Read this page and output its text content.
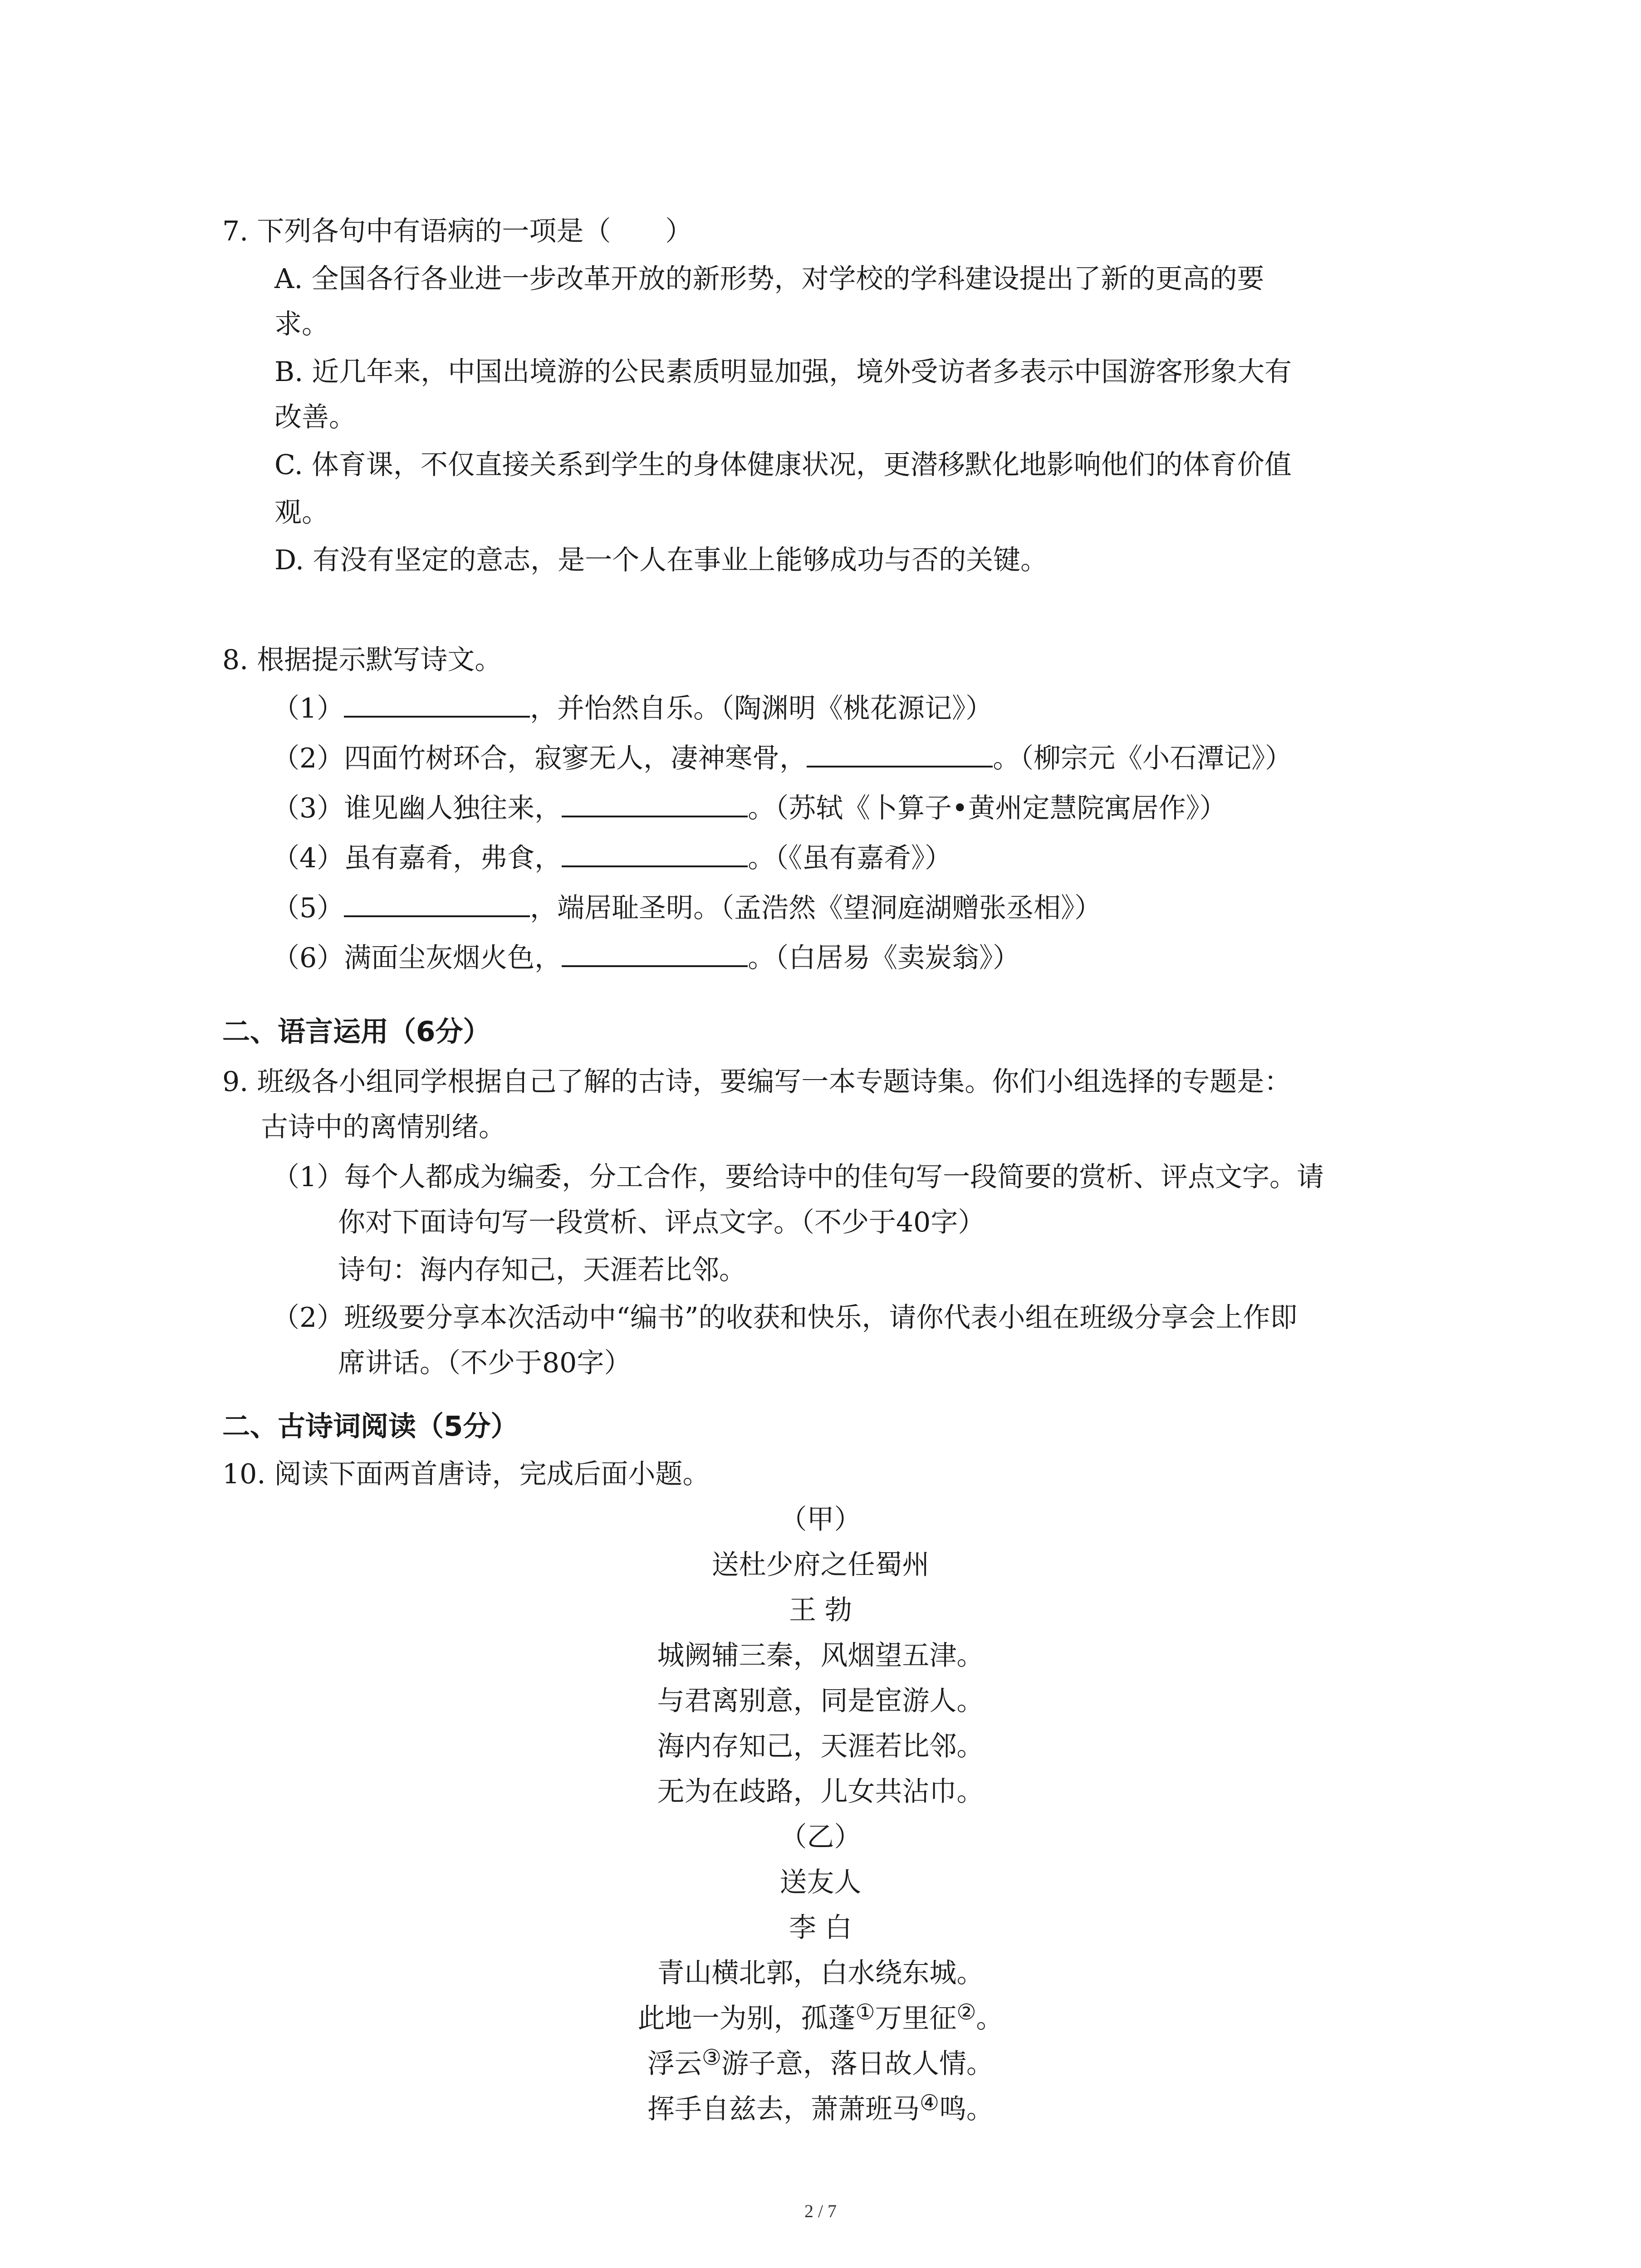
7. 下列各句中有语病的一项是（　　）
A. 全国各行各业进一步改革开放的新形势，对学校的学科建设提出了新的更高的要
求。
B. 近几年来，中国出境游的公民素质明显加强，境外受访者多表示中国游客形象大有
改善。
C. 体育课，不仅直接关系到学生的身体健康状况，更潜移默化地影响他们的体育价值
观。
D. 有没有坚定的意志，是一个人在事业上能够成功与否的关键。
8. 根据提示默写诗文。
（1）	，并怡然自乐。（陶渊明《桃花源记》）
（2）四面竹树环合，寂寥无人，凄神寒骨，	。（柳宗元《小石潭记》）
（3）谁见幽人独往来，	。（苏轼《卜算子•黄州定慧院寓居作》）
（4）虽有嘉肴，弗食，	。（《虽有嘉肴》）
（5）	，端居耻圣明。（孟浩然《望洞庭湖赠张丞相》）
（6）满面尘灰烟火色，	。（白居易《卖炭翁》）
二、语言运用（6分）
9. 班级各小组同学根据自己了解的古诗，要编写一本专题诗集。你们小组选择的专题是：
古诗中的离情别绪。
（1）每个人都成为编委，分工合作，要给诗中的佳句写一段简要的赏析、评点文字。请
你对下面诗句写一段赏析、评点文字。（不少于40字）
诗句：海内存知己，天涯若比邻。
（2）班级要分享本次活动中“编书”的收获和快乐，请你代表小组在班级分享会上作即
席讲话。（不少于80字）
二、古诗词阅读（5分）
10. 阅读下面两首唐诗，完成后面小题。
（甲）
送杜少府之任蜀州
王 勃
城阙辅三秦，风烟望五津。
与君离别意，同是宦游人。
海内存知己，天涯若比邻。
无为在歧路，儿女共沾巾。
（乙）
送友人
李 白
青山横北郭，白水绕东城。
此地一为别，孤蓬①万里征②。
浮云③游子意，落日故人情。
挥手自兹去，萧萧班马④鸣。
2 / 7
